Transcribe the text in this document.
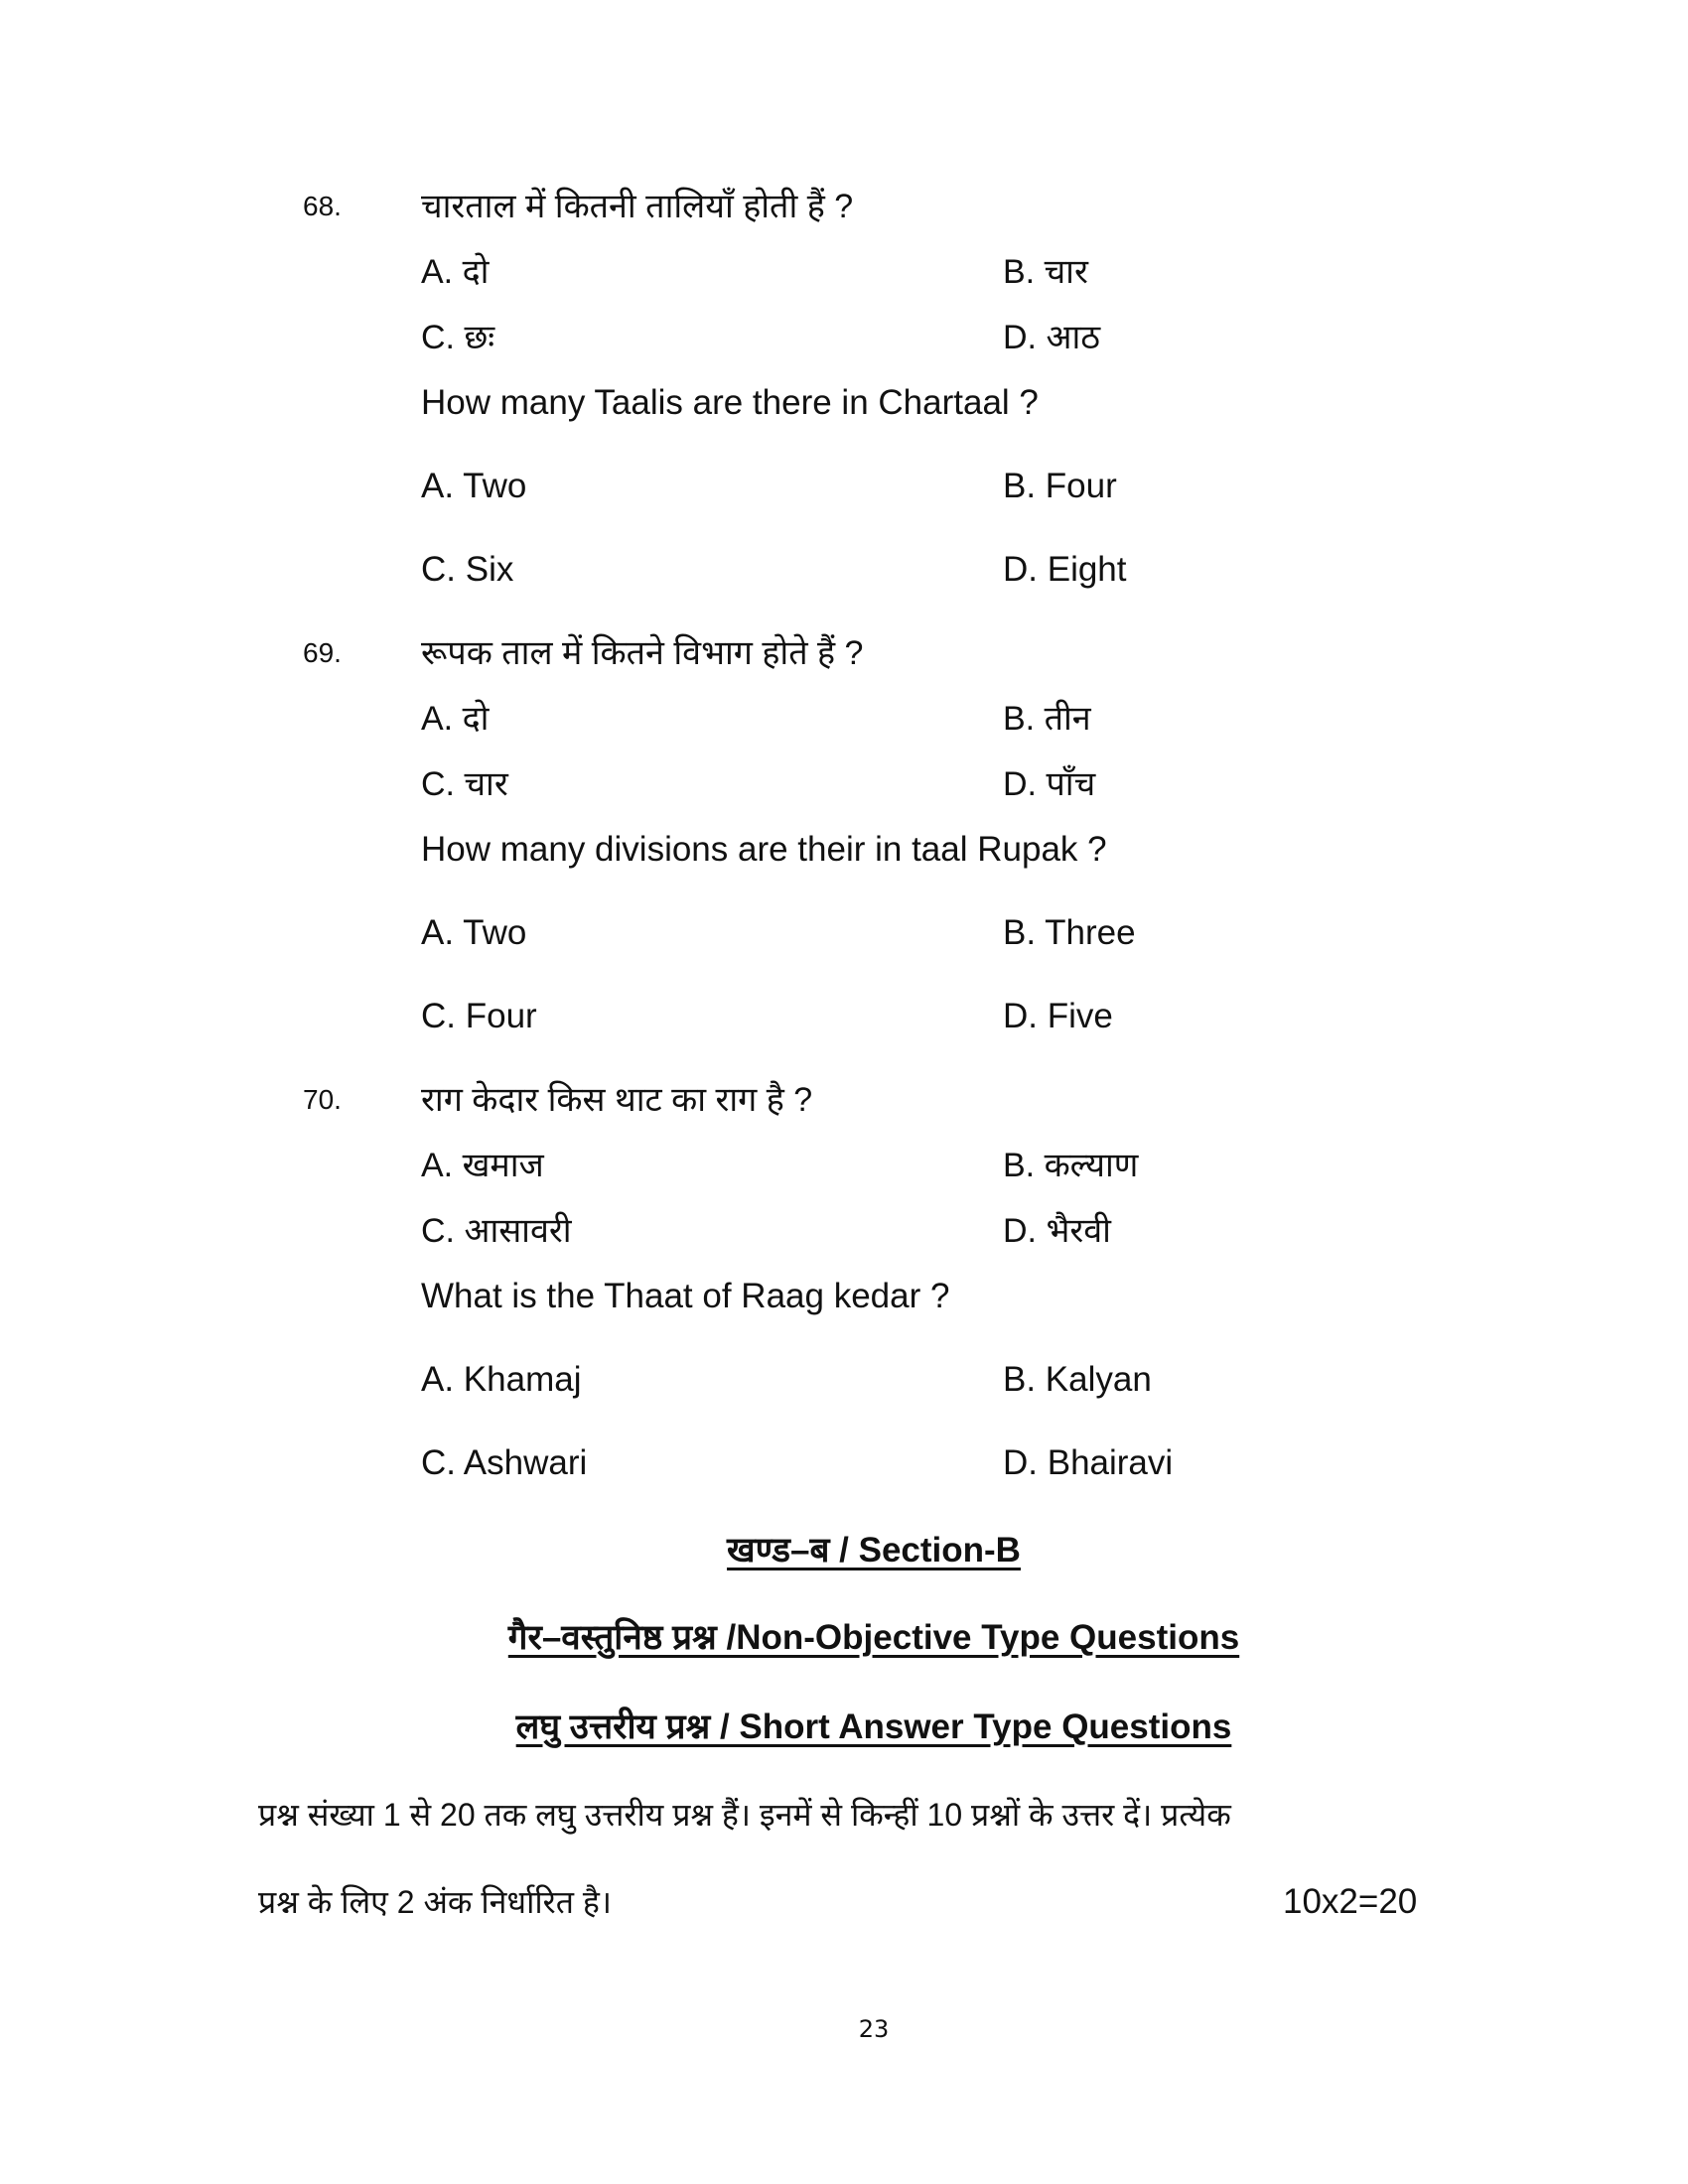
68. चारताल में कितनी तालियाँ होती हैं ?
A. दो	B. चार
C. छः	D. आठ
How many Taalis are there in Chartaal ?
A. Two	B. Four
C. Six	D. Eight
69. रूपक ताल में कितने विभाग होते हैं ?
A. दो	B. तीन
C. चार	D. पाँच
How many divisions are their in taal Rupak ?
A. Two	B. Three
C. Four	D. Five
70. राग केदार किस थाट का राग है ?
A. खमाज	B. कल्याण
C. आसावरी	D. भैरवी
What is the Thaat of Raag kedar ?
A. Khamaj	B. Kalyan
C. Ashwari	D. Bhairavi
खण्ड–ब / Section-B
गैर–वस्तुनिष्ठ प्रश्न /Non-Objective Type Questions
लघु उत्तरीय प्रश्न / Short Answer Type Questions
प्रश्न संख्या 1 से 20 तक लघु उत्तरीय प्रश्न हैं। इनमें से किन्हीं 10 प्रश्नों के उत्तर दें। प्रत्येक
प्रश्न के लिए 2 अंक निर्धारित है।	10x2=20
23
